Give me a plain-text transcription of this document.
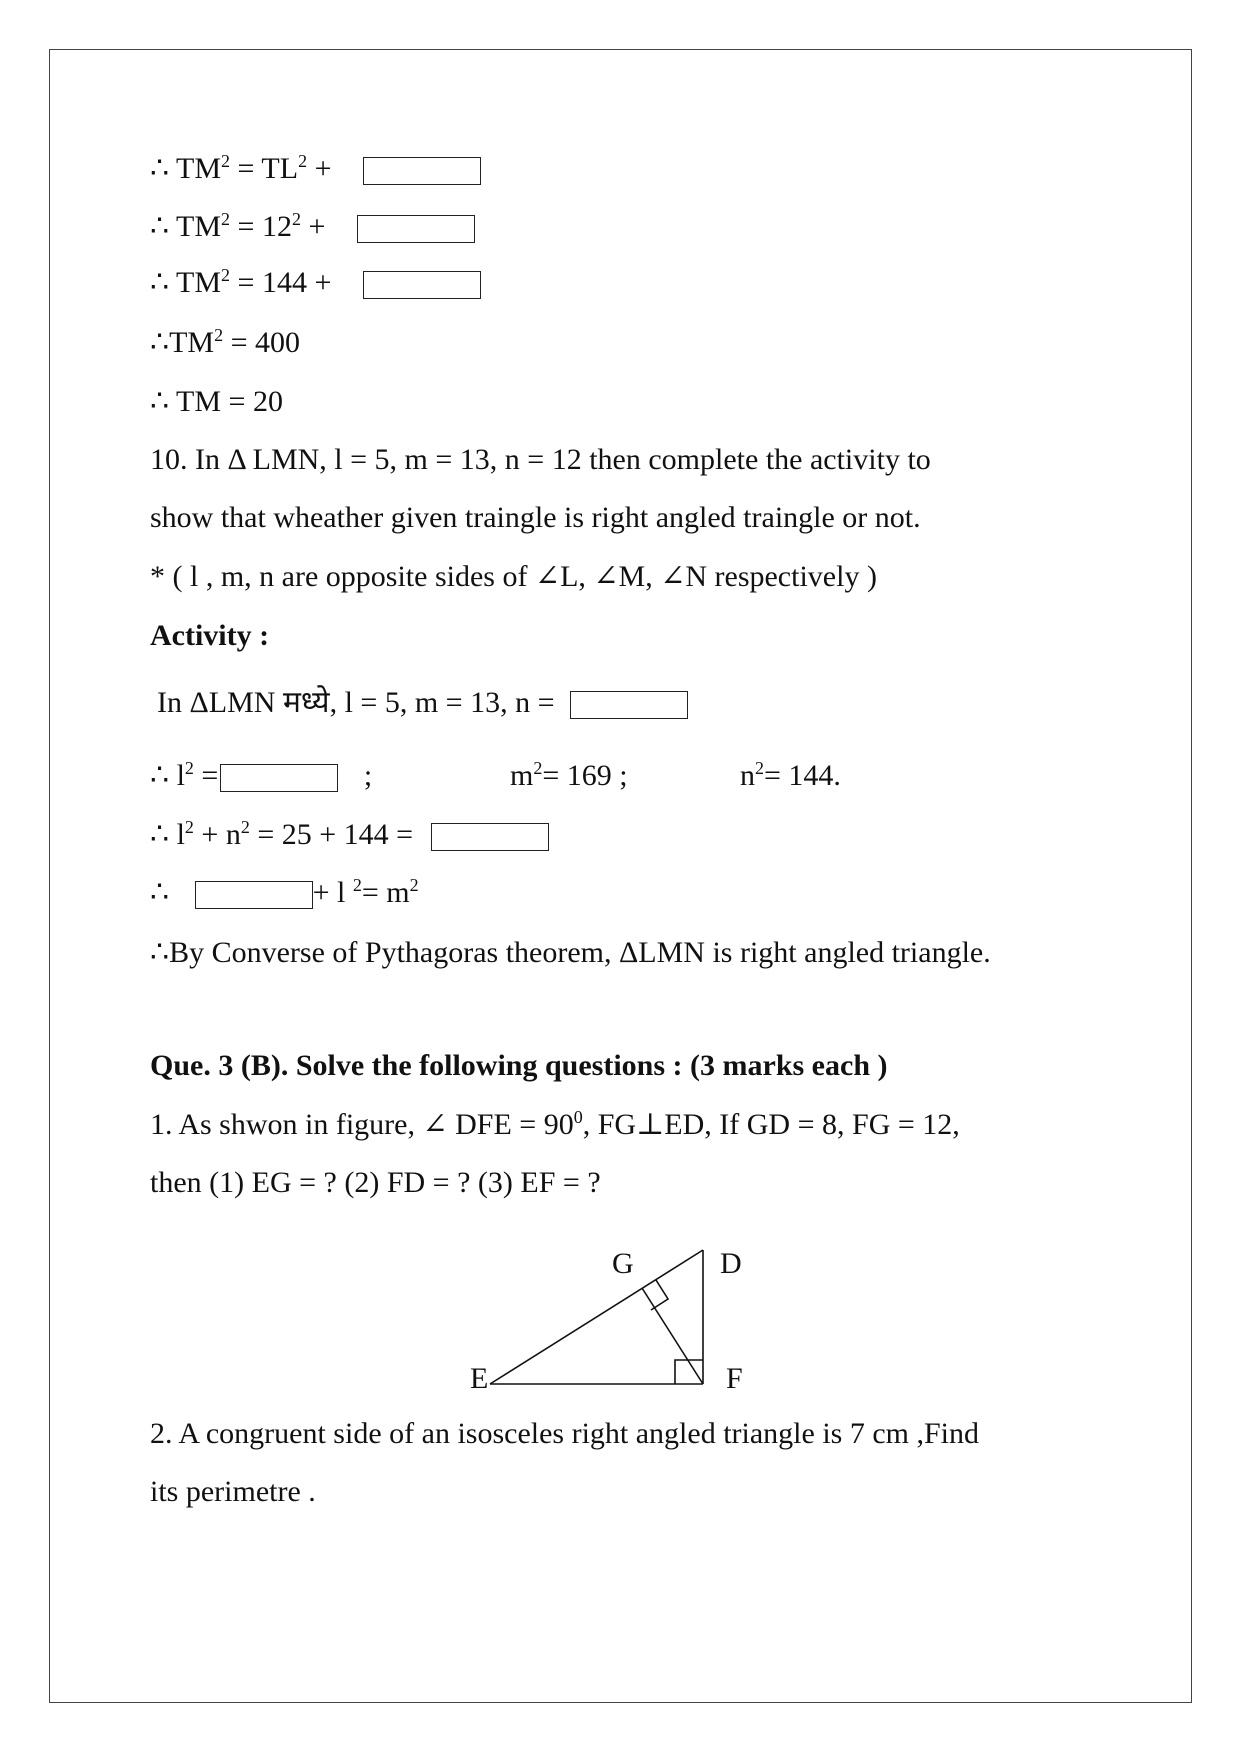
∴ $TM^2 = TL^2$ +
∴ $TM^2 = 12^2$ +
∴ $TM^2 = 144$ +
$\therefore TM^2 = 400$
∴ TM = 20
10. In Δ LMN, l = 5, m = 13, n = 12 then complete the activity to
show that wheather given traingle is right angled traingle or not.
* ( l , m, n are opposite sides of ∠L, ∠M, ∠N respectively )
Activity :
In ΔLMN मध्ये, l = 5, m = 13, n =
∴ $l^2$ =	;	$m^2= 169$ ;	$n^2= 144$.
∴ $l^2 + n^2 = 25 + 144$ =
∴	+ l $^2= m^2$
∴By Converse of Pythagoras theorem, ΔLMN is right angled triangle.
Que. 3 (B). Solve the following questions : (3 marks each )
1. As shwon in figure, ∠ DFE = $90^0$, FG⊥ED, If GD = 8, FG = 12,
then (1) EG = ? (2) FD = ? (3) EF = ?
G	D
E	F
2. A congruent side of an isosceles right angled triangle is 7 cm ,Find
its perimetre .
